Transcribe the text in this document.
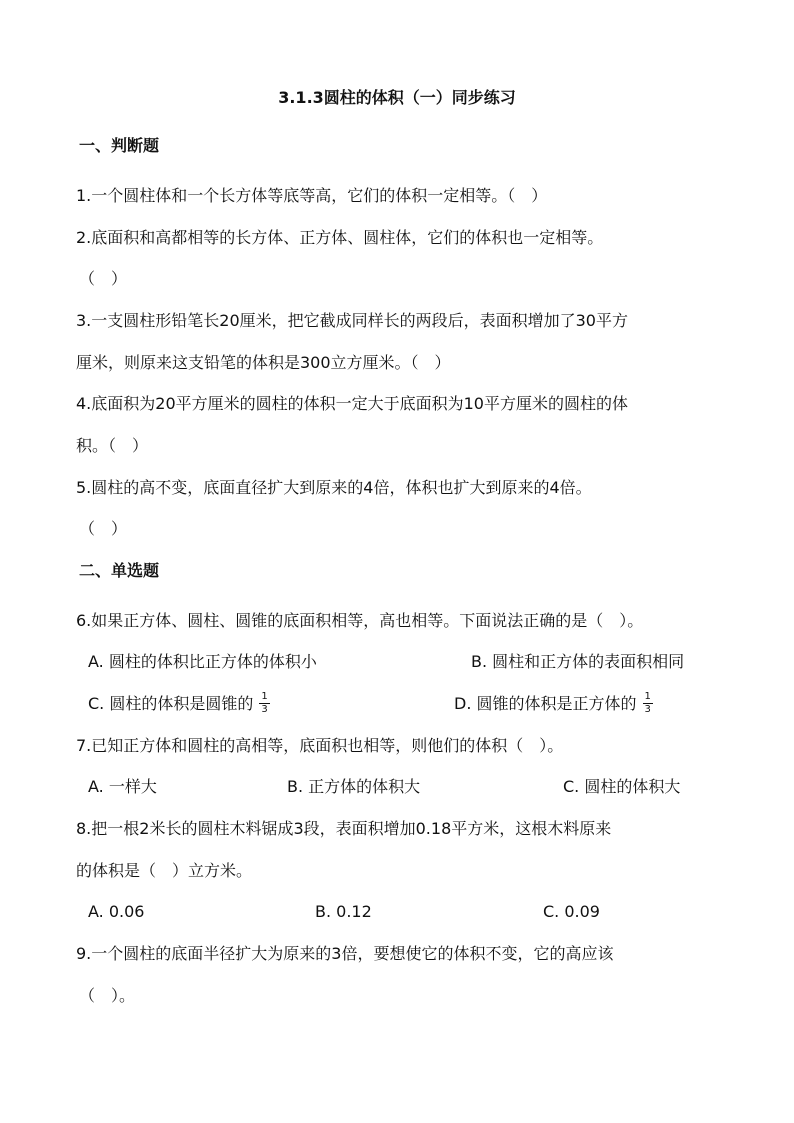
3.1.3圆柱的体积（一）同步练习
一、判断题
1.一个圆柱体和一个长方体等底等高，它们的体积一定相等。（　）
2.底面积和高都相等的长方体、正方体、圆柱体，它们的体积也一定相等。
（　）
3.一支圆柱形铅笔长20厘米，把它截成同样长的两段后，表面积增加了30平方
厘米，则原来这支铅笔的体积是300立方厘米。（　）
4.底面积为20平方厘米的圆柱的体积一定大于底面积为10平方厘米的圆柱的体
积。（　）
5.圆柱的高不变，底面直径扩大到原来的4倍，体积也扩大到原来的4倍。
（　）
二、单选题
6.如果正方体、圆柱、圆锥的底面积相等，高也相等。下面说法正确的是（　）。
A. 圆柱的体积比正方体的体积小	B. 圆柱和正方体的表面积相同
C. 圆柱的体积是圆锥的 $\frac{1}{3}$	D. 圆锥的体积是正方体的 $\frac{1}{3}$
7.已知正方体和圆柱的高相等，底面积也相等，则他们的体积（　）。
A. 一样大	B. 正方体的体积大	C. 圆柱的体积大
8.把一根2米长的圆柱木料锯成3段，表面积增加0.18平方米，这根木料原来
的体积是（　）立方米。
A. 0.06	B. 0.12	C. 0.09
9.一个圆柱的底面半径扩大为原来的3倍，要想使它的体积不变，它的高应该
（　）。
